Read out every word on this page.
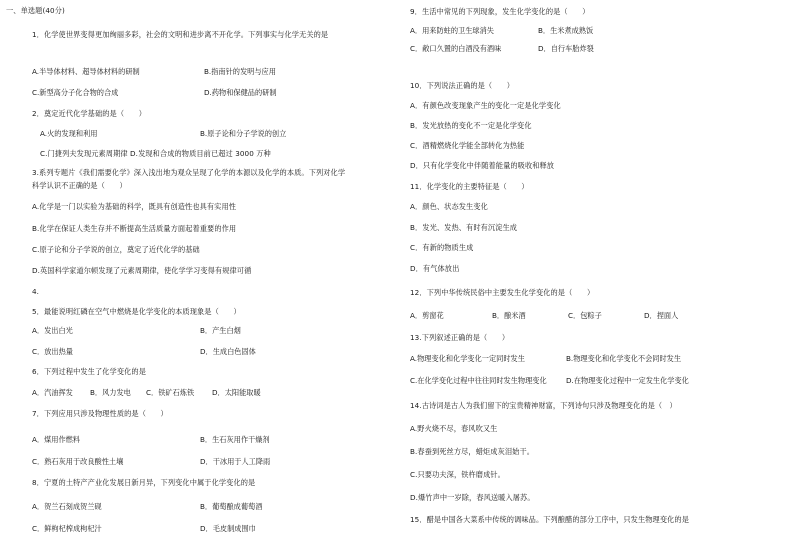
一、单选题(40分)
1．化学使世界变得更加绚丽多彩，社会的文明和进步离不开化学。下列事实与化学无关的是
A.半导体材料、超导体材料的研制	B.指南针的发明与应用
C.新型高分子化合物的合成	D.药物和保健品的研制
2．奠定近代化学基础的是（　　）
A.火的发现和利用	B.原子论和分子学说的创立
C.门捷列夫发现元素周期律 D.发现和合成的物质目前已超过 3000 万种
3.系列专题片《我们需要化学》深入浅出地为观众呈现了化学的本源以及化学的本质。下列对化学
科学认识不正确的是（　　）
A.化学是一门以实验为基础的科学，既具有创造性也具有实用性
B.化学在保证人类生存并不断提高生活质量方面起着重要的作用
C.原子论和分子学说的创立，奠定了近代化学的基础
D.英国科学家道尔顿发现了元素周期律，使化学学习变得有规律可循
4.
5．最能说明红磷在空气中燃烧是化学变化的本质现象是（　　）
A．发出白光	B．产生白烟
C．放出热量	D．生成白色固体
6．下列过程中发生了化学变化的是
A．汽油挥发 B．风力发电 C．铁矿石炼铁 D．太阳能取暖
7．下列应用只涉及物理性质的是（　　）
A．煤用作燃料	B．生石灰用作干燥剂
C．熟石灰用于改良酸性土壤	D．干冰用于人工降雨
8．宁夏的土特产产业化发展日新月异，下列变化中属于化学变化的是
A．贺兰石刻成贺兰砚	B．葡萄酿成葡萄酒
C．鲜枸杞榨成枸杞汁	D．毛皮制成围巾
9．生活中常见的下列现象，发生化学变化的是（　　）
A．用来防蛀的卫生球消失	B．生米煮成熟饭
C．敞口久置的白酒没有酒味	D．自行车胎炸裂
10．下列说法正确的是（　　）
A．有颜色改变现象产生的变化一定是化学变化
B．发光放热的变化不一定是化学变化
C．酒精燃烧化学能全部转化为热能
D．只有化学变化中伴随着能量的吸收和释放
11．化学变化的主要特征是（　　）
A．颜色、状态发生变化
B．发光、发热、有时有沉淀生成
C．有新的物质生成
D．有气体放出
12．下列中华传统民俗中主要发生化学变化的是（　　）
A．剪窗花	B．酿米酒	C．包粽子	D．捏面人
13.下列叙述正确的是（　　）
A.物理变化和化学变化一定同时发生	B.物理变化和化学变化不会同时发生
C.在化学变化过程中往往同时发生物理变化	D.在物理变化过程中一定发生化学变化
14.古诗词是古人为我们留下的宝贵精神财富，下列诗句只涉及物理变化的是（　）
A.野火烧不尽，春风吹又生
B.春蚕到死丝方尽，蜡炬成灰泪始干。
C.只要功夫深，铁杵磨成针。
D.爆竹声中一岁除，春风送暖入屠苏。
15．醋是中国各大菜系中传统的调味品。下列酿醋的部分工序中，只发生物理变化的是
